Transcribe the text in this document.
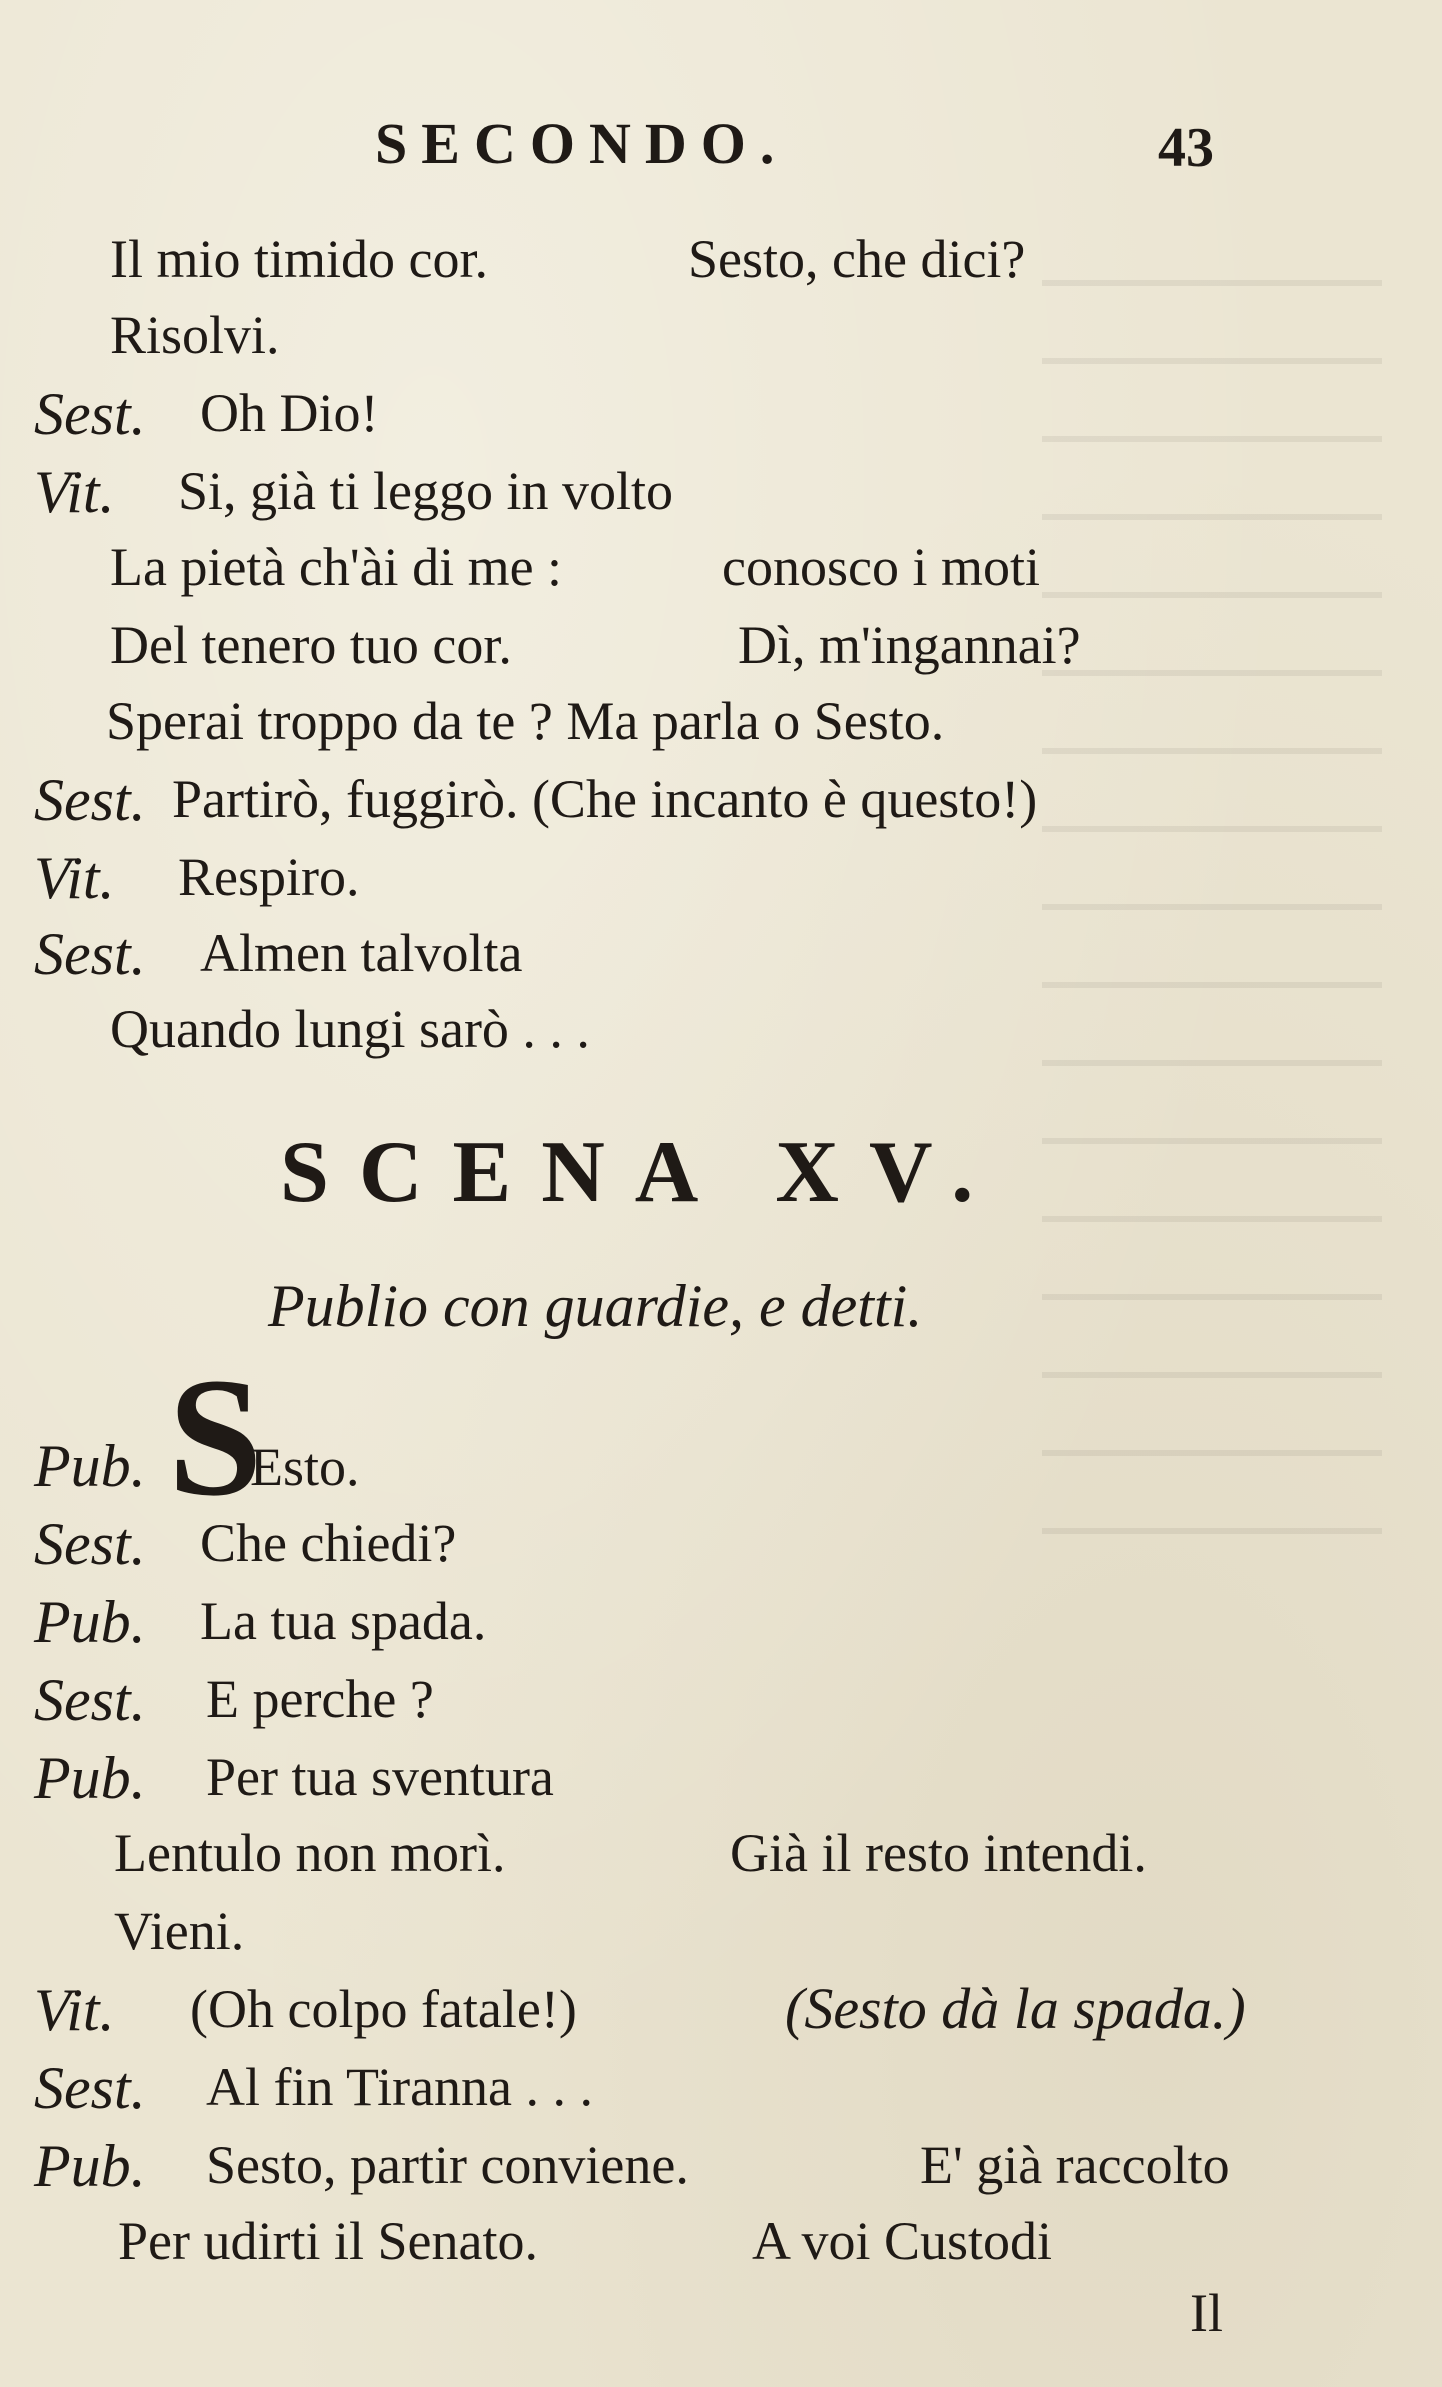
SECONDO.	43
Il mio timido cor.	Sesto, che dici?
Risolvi.
Sest. Oh Dio!
Vit. Si, già ti leggo in volto
La pietà ch'ài di me :	conosco i moti
Del tenero tuo cor.	Dì, m'ingannai?
Sperai troppo da te ? Ma parla o Sesto.
Sest. Partirò, fuggirò. (Che incanto è questo!)
Vit. Respiro.
Sest. Almen talvolta
Quando lungi sarò . . .
SCENA XV.
Publio con guardie, e detti.
Pub. S
Esto.
Sest. Che chiedi?
Pub. La tua spada.
Sest. E perche ?
Pub. Per tua sventura
Lentulo non morì.	Già il resto intendi.
Vieni.
Vit. (Oh colpo fatale!)	(Sesto dà la spada.)
Sest. Al fin Tiranna . . .
Pub. Sesto, partir conviene.	E' già raccolto
Per udirti il Senato.	A voi Custodi
Il
